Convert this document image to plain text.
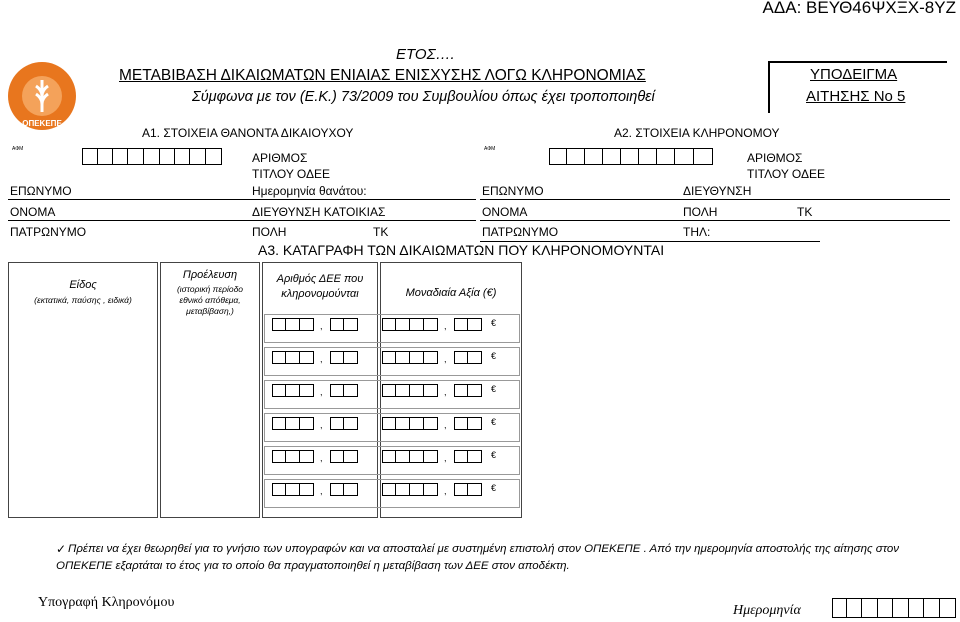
ΑΔΑ: ΒΕΥΘ46ΨΧΞΧ-8ΥΖ
ΟΠΕΚΕΠΕ
ΕΤΟΣ….
ΜΕΤΑΒΙΒΑΣΗ ΔΙΚΑΙΩΜΑΤΩΝ ΕΝΙΑΙΑΣ ΕΝΙΣΧΥΣΗΣ ΛΟΓΩ ΚΛΗΡΟΝΟΜΙΑΣ
Σύμφωνα με τον (Ε.Κ.) 73/2009 του Συμβουλίου όπως έχει τροποποιηθεί
ΥΠΟΔΕΙΓΜΑ
ΑΙΤΗΣΗΣ Νο 5
Α1. ΣΤΟΙΧΕΙΑ ΘΑΝΟΝΤΑ ΔΙΚΑΙΟΥΧΟΥ	Α2. ΣΤΟΙΧΕΙΑ ΚΛΗΡΟΝΟΜΟΥ
ΑΦΜ
ΑΡΙΘΜΟΣ
ΤΙΤΛΟΥ ΟΔΕΕ
ΑΦΜ
ΑΡΙΘΜΟΣ
ΤΙΤΛΟΥ ΟΔΕΕ
ΕΠΩΝΥΜΟ	Ημερομηνία θανάτου:
ΟΝΟΜΑ	ΔΙΕΥΘΥΝΣΗ ΚΑΤΟΙΚΙΑΣ
ΠΑΤΡΩΝΥΜΟ	ΠΟΛΗ	ΤΚ
ΕΠΩΝΥΜΟ	ΔΙΕΥΘΥΝΣΗ
ΟΝΟΜΑ	ΠΟΛΗ	ΤΚ
ΠΑΤΡΩΝΥΜΟ	ΤΗΛ:
Α3. ΚΑΤΑΓΡΑΦΗ ΤΩΝ ΔΙΚΑΙΩΜΑΤΩΝ ΠΟΥ ΚΛΗΡΟΝΟΜΟΥΝΤΑΙ
Είδος
(εκτατικά, παύσης , ειδικά)
Προέλευση
(ιστορική περίοδο
εθνικό απόθεμα,
μεταβίβαση,)
Αριθμός ΔΕΕ που
κληρονομούνται	Μοναδιαία Αξία (€)
,	,	€
,	,	€
,	,	€
,	,	€
,	,	€
,	,	€
✓ Πρέπει να έχει θεωρηθεί για το γνήσιο των υπογραφών και να αποσταλεί με συστημένη επιστολή στον ΟΠΕΚΕΠΕ . Από την ημερομηνία αποστολής της αίτησης στον
ΟΠΕΚΕΠΕ εξαρτάται το έτος για το οποίο θα πραγματοποιηθεί η μεταβίβαση των ΔΕΕ στον αποδέκτη.
Υπογραφή Κληρονόμου
Ημερομηνία
